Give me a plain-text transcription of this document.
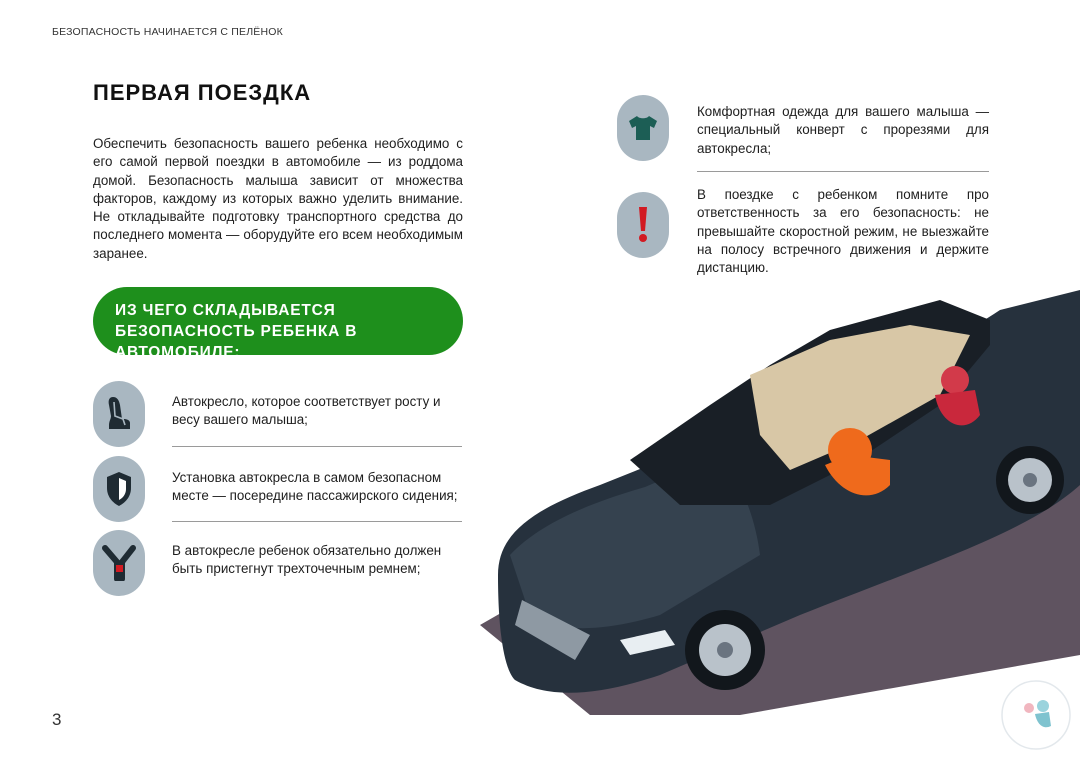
БЕЗОПАСНОСТЬ НАЧИНАЕТСЯ С ПЕЛЁНОК
ПЕРВАЯ ПОЕЗДКА
Обеспечить безопасность вашего ребенка необходимо с его самой первой поездки в автомобиле — из роддома домой. Безопасность малыша зависит от множества факторов, каждому из которых важно уделить внимание. Не откладывайте подготовку транспортного средства до последнего момента — оборудуйте его всем необходимым заранее.
ИЗ ЧЕГО СКЛАДЫВАЕТСЯ БЕЗОПАСНОСТЬ РЕБЕНКА В АВТОМОБИЛЕ:
Автокресло, которое соответствует росту и весу вашего малыша;
Установка автокресла в самом безопасном месте — посередине пассажирского сидения;
В автокресле ребенок обязательно должен быть пристегнут трехточечным ремнем;
3
Комфортная одежда для вашего малыша — специальный конверт с прорезями для автокресла;
В поездке с ребенком помните про ответственность за его безопасность: не превышайте скоростной режим, не выезжайте на полосу встречного движения и держите дистанцию.
